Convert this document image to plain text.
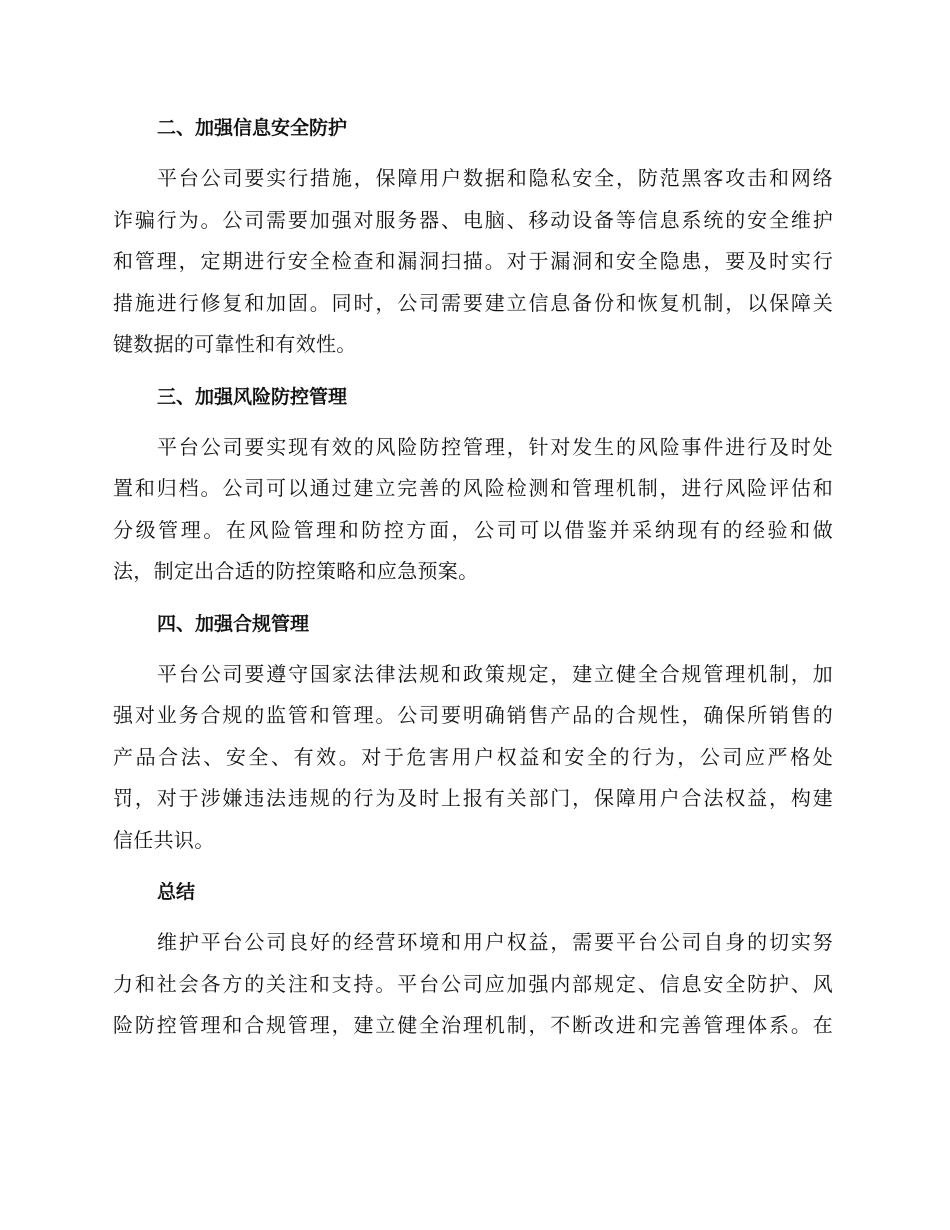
二、加强信息安全防护
平台公司要实行措施，保障用户数据和隐私安全，防范黑客攻击和网络
诈骗行为。公司需要加强对服务器、电脑、移动设备等信息系统的安全维护
和管理，定期进行安全检查和漏洞扫描。对于漏洞和安全隐患，要及时实行
措施进行修复和加固。同时，公司需要建立信息备份和恢复机制，以保障关
键数据的可靠性和有效性。
三、加强风险防控管理
平台公司要实现有效的风险防控管理，针对发生的风险事件进行及时处
置和归档。公司可以通过建立完善的风险检测和管理机制，进行风险评估和
分级管理。在风险管理和防控方面，公司可以借鉴并采纳现有的经验和做
法，制定出合适的防控策略和应急预案。
四、加强合规管理
平台公司要遵守国家法律法规和政策规定，建立健全合规管理机制，加
强对业务合规的监管和管理。公司要明确销售产品的合规性，确保所销售的
产品合法、安全、有效。对于危害用户权益和安全的行为，公司应严格处
罚，对于涉嫌违法违规的行为及时上报有关部门，保障用户合法权益，构建
信任共识。
总结
维护平台公司良好的经营环境和用户权益，需要平台公司自身的切实努
力和社会各方的关注和支持。平台公司应加强内部规定、信息安全防护、风
险防控管理和合规管理，建立健全治理机制，不断改进和完善管理体系。在
